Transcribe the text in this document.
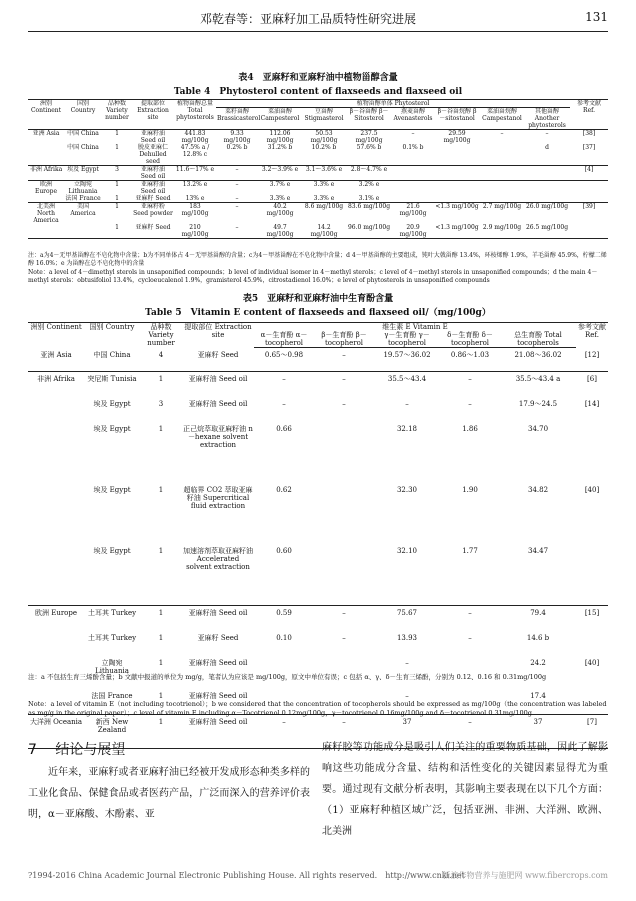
邓乾春等：亚麻籽加工品质特性研究进展	131
表4　亚麻籽和亚麻籽油中植物甾醇含量
Table 4　Phytosterol content of flaxseeds and flaxseed oil
洲别 Continent	国别 Country	品种数 Variety number	提取部位 Extraction site	植物甾醇总量 Total phytosterols	植物甾醇单体 Phytosterol								参考文献 Ref.
					菜籽甾醇 Brassicasterol	菜油甾醇 Campesterol	豆甾醇 Stigmasterol	β－谷甾醇 β－Sitosterol	燕麦甾醇 Avenasterols	β－谷甾烷醇 β－sitostanol	菜油甾烷醇 Campestanol	其他甾醇 Another phytosterols	
亚洲 Asia	中国 China	1	亚麻籽油 Seed oil	441.83 mg/100g	9.33 mg/100g	112.06 mg/100g	50.53 mg/100g	237.5 mg/100g	–	29.59 mg/100g	–	–	[38]
	中国 China	1	脱皮亚麻仁 Dehulled seed	47.5% a / 12.8% c	0.2% b	31.2% b	10.2% b	57.6% b	0.1% b			d	[37]
非洲 Afrika	埃及 Egypt	3	亚麻籽油 Seed oil	11.6～17% e	–	3.2～3.9% e	3.1～3.6% e	2.8～4.7% e					[4]
欧洲 Europe	立陶宛 Lithuania	1	亚麻籽油 Seed oil	13.2% e	–	3.7% e	3.3% e	3.2% e					
	法国 France	1	亚麻籽 Seed	13% e	–	3.3% e	3.3% e	3.1% e					
北美洲 North America	美国 America	1	亚麻籽粉 Seed powder	183 mg/100g	–	40.2 mg/100g	8.6 mg/100g	83.6 mg/100g	21.6 mg/100g	<1.3 mg/100g	2.7 mg/100g	26.0 mg/100g	[39]
		1	亚麻籽 Seed	210 mg/100g	–	49.7 mg/100g	14.2 mg/100g	96.0 mg/100g	20.9 mg/100g	<1.3 mg/100g	2.9 mg/100g	26.5 mg/100g	
注：a为4－无甲基甾醇在不皂化物中含量；b为不同单体占 4－无甲基甾醇的含量；c为4－甲基甾醇在不皂化物中含量；d 4－甲基甾醇的主要组成，钝叶大戟甾醇 13.4%，环桉烯醇 1.9%，羊毛甾醇 45.9%，柠檬二烯醇 16.0%；e 为甾醇在总不皂化物中的含量
Note：a level of 4－dimethyl sterols in unsaponified compounds；b level of individual isomer in 4－methyl sterols；c level of 4－methyl sterols in unsaponified compounds；d the main 4－methyl sterols：obtusifoliol 13.4%，cycloeucalenol 1.9%，gramisterol 45.9%，citrostadienol 16.0%；e level of phytosterols in unsaponified compounds
表5　亚麻籽和亚麻籽油中生育酚含量
Table 5　Vitamin E content of flaxseeds and flaxseed oil/（mg/100g）
洲别 Continent	国别 Country	品种数 Variety number	提取部位 Extraction site	维生素 E Vitamin E					参考文献 Ref.
				α－生育酚 α－tocopherol	β－生育酚 β－tocopherol	γ－生育酚 γ－tocopherol	δ－生育酚 δ－tocopherol	总生育酚 Total tocopherols	
亚洲 Asia	中国 China	4	亚麻籽 Seed	0.65～0.98	–	19.57～36.02	0.86～1.03	21.08～36.02	[12]
非洲 Afrika	突尼斯 Tunisia	1	亚麻籽油 Seed oil	–	–	35.5～43.4	–	35.5～43.4 a	[6]
	埃及 Egypt	3	亚麻籽油 Seed oil	–	–	–	–	17.9～24.5	[14]
	埃及 Egypt	1	正己烷萃取亚麻籽油 n－hexane solvent extraction	0.66		32.18	1.86	34.70	
	埃及 Egypt	1	超临界 CO2 萃取亚麻籽油 Supercritical fluid extraction	0.62		32.30	1.90	34.82	[40]
	埃及 Egypt	1	加速溶剂萃取亚麻籽油 Accelerated solvent extraction	0.60		32.10	1.77	34.47	
欧洲 Europe	土耳其 Turkey	1	亚麻籽油 Seed oil	0.59	–	75.67	–	79.4	[15]
	土耳其 Turkey	1	亚麻籽 Seed	0.10	–	13.93	–	14.6 b	
	立陶宛 Lithuania	1	亚麻籽油 Seed oil			–		24.2	[40]
	法国 France	1	亚麻籽油 Seed oil			–		17.4	
大洋洲 Oceania	新西 New Zealand	1	亚麻籽油 Seed oil	–	–	37	–	37	[7]
注：a 不包括生育三烯酚含量；b 文献中报道的单位为 mg/g，笔者认为应该是 mg/100g，原文中单位有误；c 包括 α、γ、δ－生育三烯酚，分别为 0.12、0.16 和 0.31mg/100g
Note：a level of vitamin E（not including tocotrienol）；b we considered that the concentration of tocopherols should be expressed as mg/100g（the concentration was labeled as mg/g in the original paper）；c level of vitamin E including α－Tocotrienol 0.12mg/100g，γ－tocotrienol 0.16mg/100g and δ－tocotrienol 0.31mg/100g
7 结论与展望
近年来，亚麻籽或者亚麻籽油已经被开发成形态种类多样的工业化食品、保健食品或者医药产品，广泛而深入的营养评价表明，α－亚麻酸、木酚素、亚
麻籽胶等功能成分是吸引人们关注的重要物质基础，因此了解影响这些功能成分含量、结构和活性变化的关键因素显得尤为重要。通过现有文献分析表明，其影响主要表现在以下几个方面：（1）亚麻籽种植区域广泛，包括亚洲、非洲、大洋洲、欧洲、北美洲
?1994-2016 China Academic Journal Electronic Publishing House. All rights reserved.　http://www.cnki.net
新浪作物营养与施肥网 www.fibercrops.com
